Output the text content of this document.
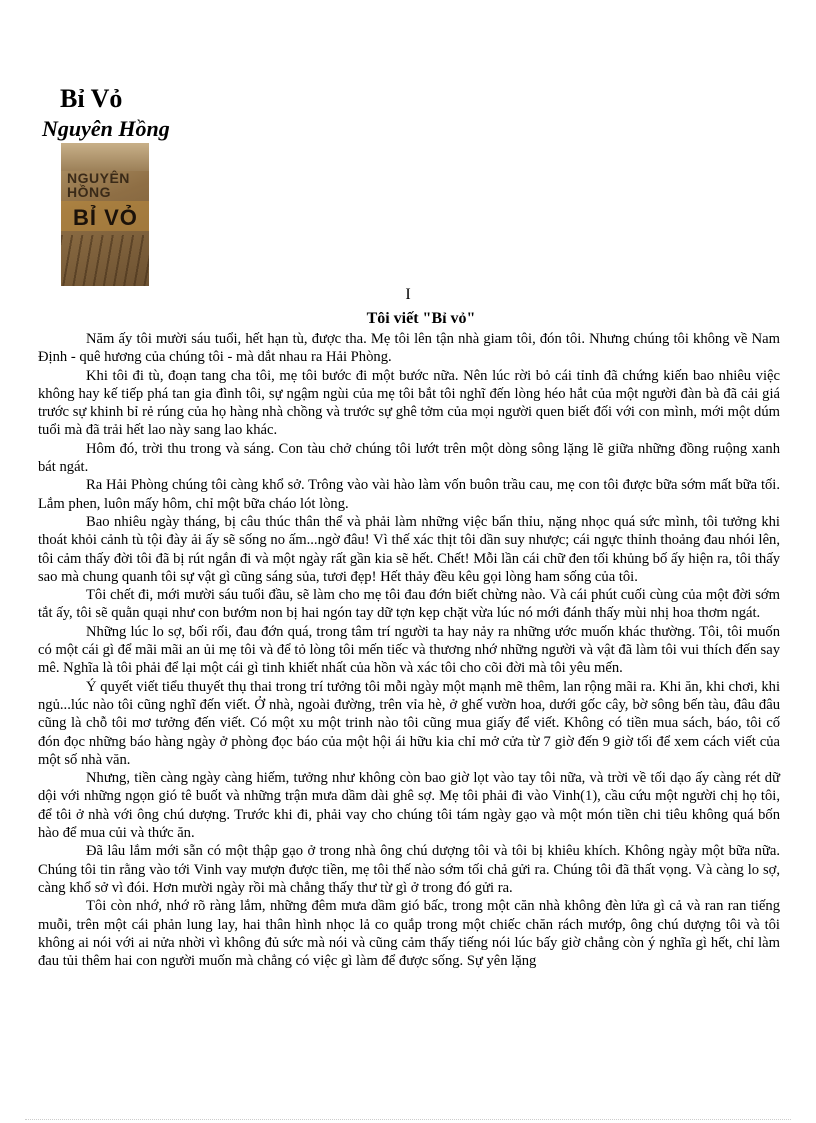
Bỉ Vỏ
Nguyên Hồng
NGUYÊN
HỒNG
BỈ VỎ
I
Tôi viết "Bỉ vỏ"

Năm ấy tôi mười sáu tuổi, hết hạn tù, được tha. Mẹ tôi lên tận nhà giam tôi, đón tôi. Nhưng chúng tôi không về Nam Định - quê hương của chúng tôi - mà dắt nhau ra Hải Phòng.

Khi tôi đi tù, đoạn tang cha tôi, mẹ tôi bước đi một bước nữa. Nên lúc rời bỏ cái tỉnh đã chứng kiến bao nhiêu việc không hay kế tiếp phá tan gia đình tôi, sự ngậm ngùi của mẹ tôi bắt tôi nghĩ đến lòng héo hắt của một người đàn bà đã cải giá trước sự khinh bỉ rẻ rúng của họ hàng nhà chồng và trước sự ghê tởm của mọi người quen biết đối với con mình, mới một dúm tuổi mà đã trải hết lao này sang lao khác.

Hôm đó, trời thu trong và sáng. Con tàu chở chúng tôi lướt trên một dòng sông lặng lẽ giữa những đồng ruộng xanh bát ngát.

Ra Hải Phòng chúng tôi càng khổ sở. Trông vào vài hào làm vốn buôn trầu cau, mẹ con tôi được bữa sớm mất bữa tối. Lắm phen, luôn mấy hôm, chỉ một bữa cháo lót lòng.

Bao nhiêu ngày tháng, bị câu thúc thân thể và phải làm những việc bẩn thỉu, nặng nhọc quá sức mình, tôi tưởng khi thoát khỏi cảnh tù tội đày ải ấy sẽ sống no ấm...ngờ đâu! Vì thế xác thịt tôi dần suy nhược; cái ngực thỉnh thoảng đau nhói lên, tôi cảm thấy đời tôi đã bị rút ngắn đi và một ngày rất gần kia sẽ hết. Chết! Mỗi lần cái chữ đen tối khủng bố ấy hiện ra, tôi thấy sao mà chung quanh tôi sự vật gì cũng sáng sủa, tươi đẹp! Hết thảy đều kêu gọi lòng ham sống của tôi.

Tôi chết đi, mới mười sáu tuổi đầu, sẽ làm cho mẹ tôi đau đớn biết chừng nào. Và cái phút cuối cùng của một đời sớm tắt ấy, tôi sẽ quằn quại như con bướm non bị hai ngón tay dữ tợn kẹp chặt vừa lúc nó mới đánh thấy mùi nhị hoa thơm ngát.

Những lúc lo sợ, bối rối, đau đớn quá, trong tâm trí người ta hay nảy ra những ước muốn khác thường. Tôi, tôi muốn có một cái gì để mãi mãi an ủi mẹ tôi và để tỏ lòng tôi mến tiếc và thương nhớ những người và vật đã làm tôi vui thích đến say mê. Nghĩa là tôi phải để lại một cái gì tinh khiết nhất của hồn và xác tôi cho cõi đời mà tôi yêu mến.

Ý quyết viết tiểu thuyết thụ thai trong trí tưởng tôi mỗi ngày một mạnh mẽ thêm, lan rộng mãi ra. Khi ăn, khi chơi, khi ngủ...lúc nào tôi cũng nghĩ đến viết. Ở nhà, ngoài đường, trên vỉa hè, ở ghế vườn hoa, dưới gốc cây, bờ sông bến tàu, đâu đâu cũng là chỗ tôi mơ tưởng đến viết. Có một xu một trinh nào tôi cũng mua giấy để viết. Không có tiền mua sách, báo, tôi cố đón đọc những báo hàng ngày ở phòng đọc báo của một hội ái hữu kia chỉ mở cửa từ 7 giờ đến 9 giờ tối để xem cách viết của một số nhà văn.

Nhưng, tiền càng ngày càng hiếm, tưởng như không còn bao giờ lọt vào tay tôi nữa, và trời về tối dạo ấy càng rét dữ dội với những ngọn gió tê buốt và những trận mưa dầm dài ghê sợ. Mẹ tôi phải đi vào Vinh(1), cầu cứu một người chị họ tôi, để tôi ở nhà với ông chú dượng. Trước khi đi, phải vay cho chúng tôi tám ngày gạo và một món tiền chi tiêu không quá bốn hào để mua củi và thức ăn.

Đã lâu lắm mới sẵn có một thập gạo ở trong nhà ông chú dượng tôi và tôi bị khiêu khích. Không ngày một bữa nữa. Chúng tôi tin rằng vào tới Vinh vay mượn được tiền, mẹ tôi thế nào sớm tối chả gửi ra. Chúng tôi đã thất vọng. Và càng lo sợ, càng khổ sở vì đói. Hơn mười ngày rồi mà chẳng thấy thư từ gì ở trong đó gửi ra.

Tôi còn nhớ, nhớ rõ ràng lắm, những đêm mưa dầm gió bấc, trong một căn nhà không đèn lửa gì cả và ran ran tiếng muỗi, trên một cái phản lung lay, hai thân hình nhọc lả co quắp trong một chiếc chăn rách mướp, ông chú dượng tôi và tôi không ai nói với ai nửa nhời vì không đủ sức mà nói và cũng cảm thấy tiếng nói lúc bấy giờ chẳng còn ý nghĩa gì hết, chỉ làm đau tủi thêm hai con người muốn mà chẳng có việc gì làm để được sống. Sự yên lặng
